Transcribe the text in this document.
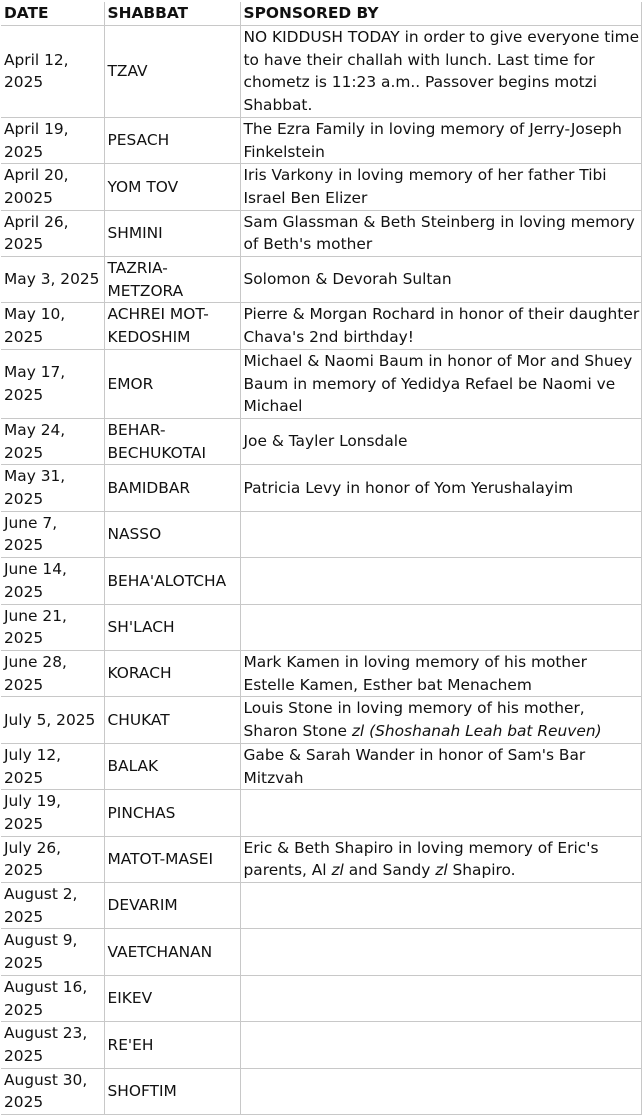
DATE	SHABBAT	SPONSORED BY
April 12, 2025	TZAV	NO KIDDUSH TODAY in order to give everyone time to have their challah with lunch. Last time for chometz is 11:23 a.m.. Passover begins motzi Shabbat.
April 19, 2025	PESACH	The Ezra Family in loving memory of Jerry-Joseph Finkelstein
April 20, 20025	YOM TOV	Iris Varkony in loving memory of her father Tibi Israel Ben Elizer
April 26, 2025	SHMINI	Sam Glassman & Beth Steinberg in loving memory of Beth's mother
May 3, 2025	TAZRIA-METZORA	Solomon & Devorah Sultan
May 10, 2025	ACHREI MOT-KEDOSHIM	Pierre & Morgan Rochard in honor of their daughter Chava's 2nd birthday!
May 17, 2025	EMOR	Michael & Naomi Baum in honor of Mor and Shuey Baum in memory of Yedidya Refael be Naomi ve Michael
May 24, 2025	BEHAR-BECHUKOTAI	Joe & Tayler Lonsdale
May 31, 2025	BAMIDBAR	Patricia Levy in honor of Yom Yerushalayim
June 7, 2025	NASSO	
June 14, 2025	BEHA'ALOTCHA	
June 21, 2025	SH'LACH	
June 28, 2025	KORACH	Mark Kamen in loving memory of his mother Estelle Kamen, Esther bat Menachem
July 5, 2025	CHUKAT	Louis Stone in loving memory of his mother, Sharon Stone zl (Shoshanah Leah bat Reuven)
July 12, 2025	BALAK	Gabe & Sarah Wander in honor of Sam's Bar Mitzvah
July 19, 2025	PINCHAS	
July 26, 2025	MATOT-MASEI	Eric & Beth Shapiro in loving memory of Eric's parents, Al zl and Sandy zl Shapiro.
August 2, 2025	DEVARIM	
August 9, 2025	VAETCHANAN	
August 16, 2025	EIKEV	
August 23, 2025	RE'EH	
August 30, 2025	SHOFTIM	
